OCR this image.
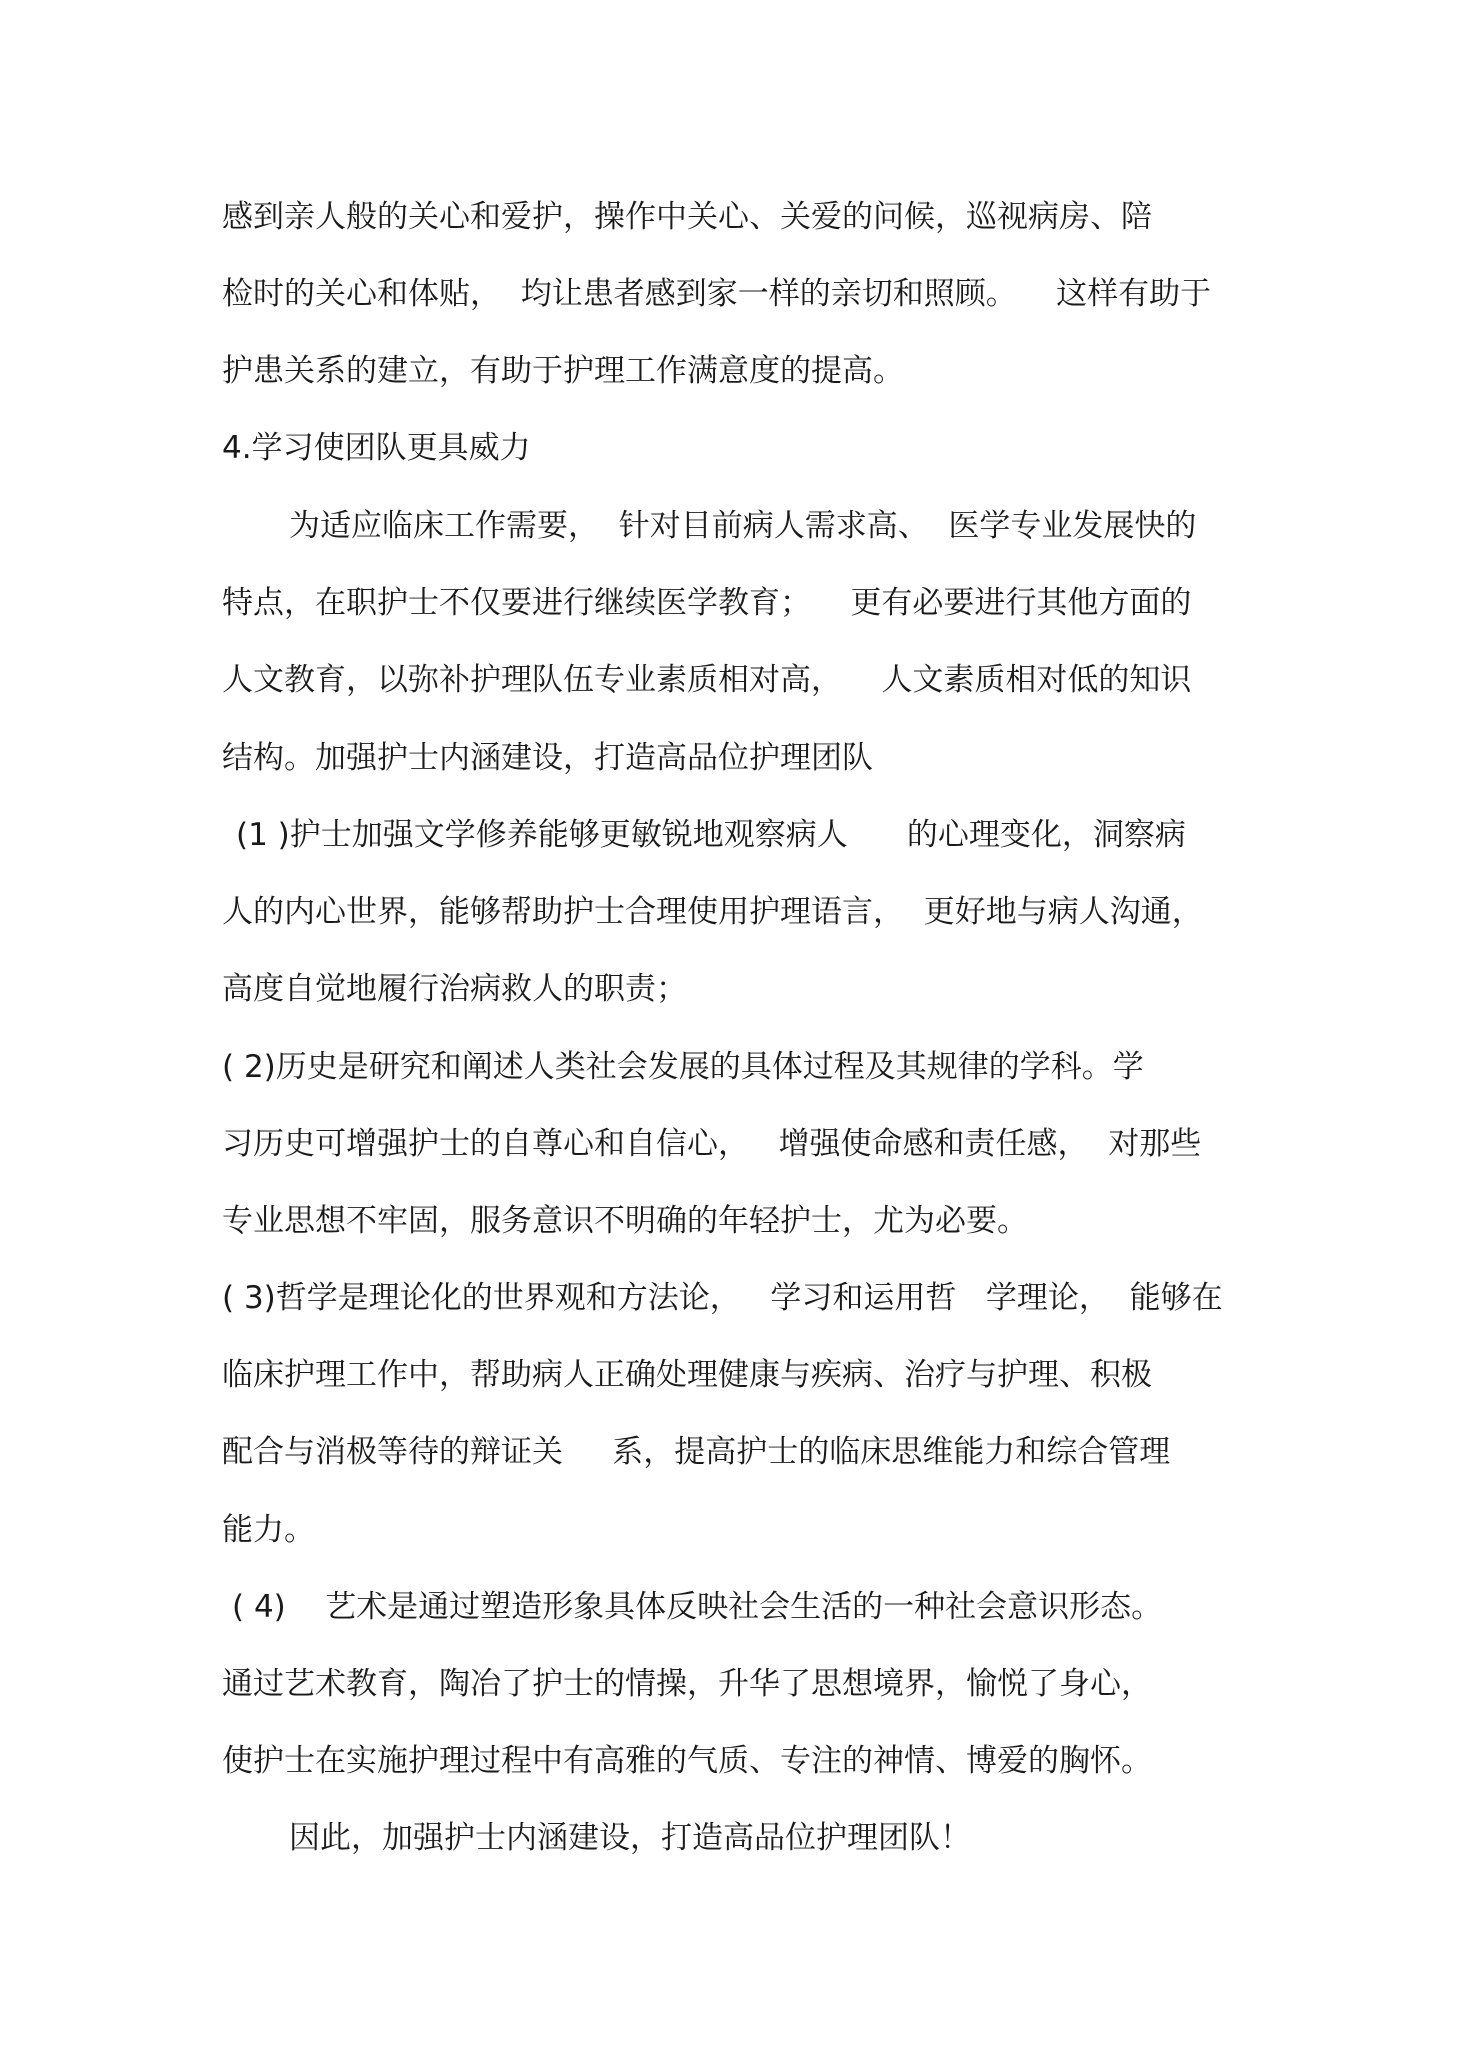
感到亲人般的关心和爱护，操作中关心、关爱的问候，巡视病房、陪
检时的关心和体贴，  均让患者感到家一样的亲切和照顾。    这样有助于
护患关系的建立，有助于护理工作满意度的提高。
4.学习使团队更具威力
为适应临床工作需要，  针对目前病人需求高、  医学专业发展快的
特点，在职护士不仅要进行继续医学教育；    更有必要进行其他方面的
人文教育，以弥补护理队伍专业素质相对高，    人文素质相对低的知识
结构。加强护士内涵建设，打造高品位护理团队
(1 )护士加强文学修养能够更敏锐地观察病人      的心理变化，洞察病
人的内心世界，能够帮助护士合理使用护理语言，  更好地与病人沟通，
高度自觉地履行治病救人的职责；
( 2)历史是研究和阐述人类社会发展的具体过程及其规律的学科。学
习历史可增强护士的自尊心和自信心，   增强使命感和责任感，  对那些
专业思想不牢固，服务意识不明确的年轻护士，尤为必要。
( 3)哲学是理论化的世界观和方法论，   学习和运用哲   学理论，  能够在
临床护理工作中，帮助病人正确处理健康与疾病、治疗与护理、积极
配合与消极等待的辩证关     系，提高护士的临床思维能力和综合管理
能力。
( 4)    艺术是通过塑造形象具体反映社会生活的一种社会意识形态。
通过艺术教育，陶冶了护士的情操，升华了思想境界，愉悦了身心，
使护士在实施护理过程中有高雅的气质、专注的神情、博爱的胸怀。
因此，加强护士内涵建设，打造高品位护理团队！
